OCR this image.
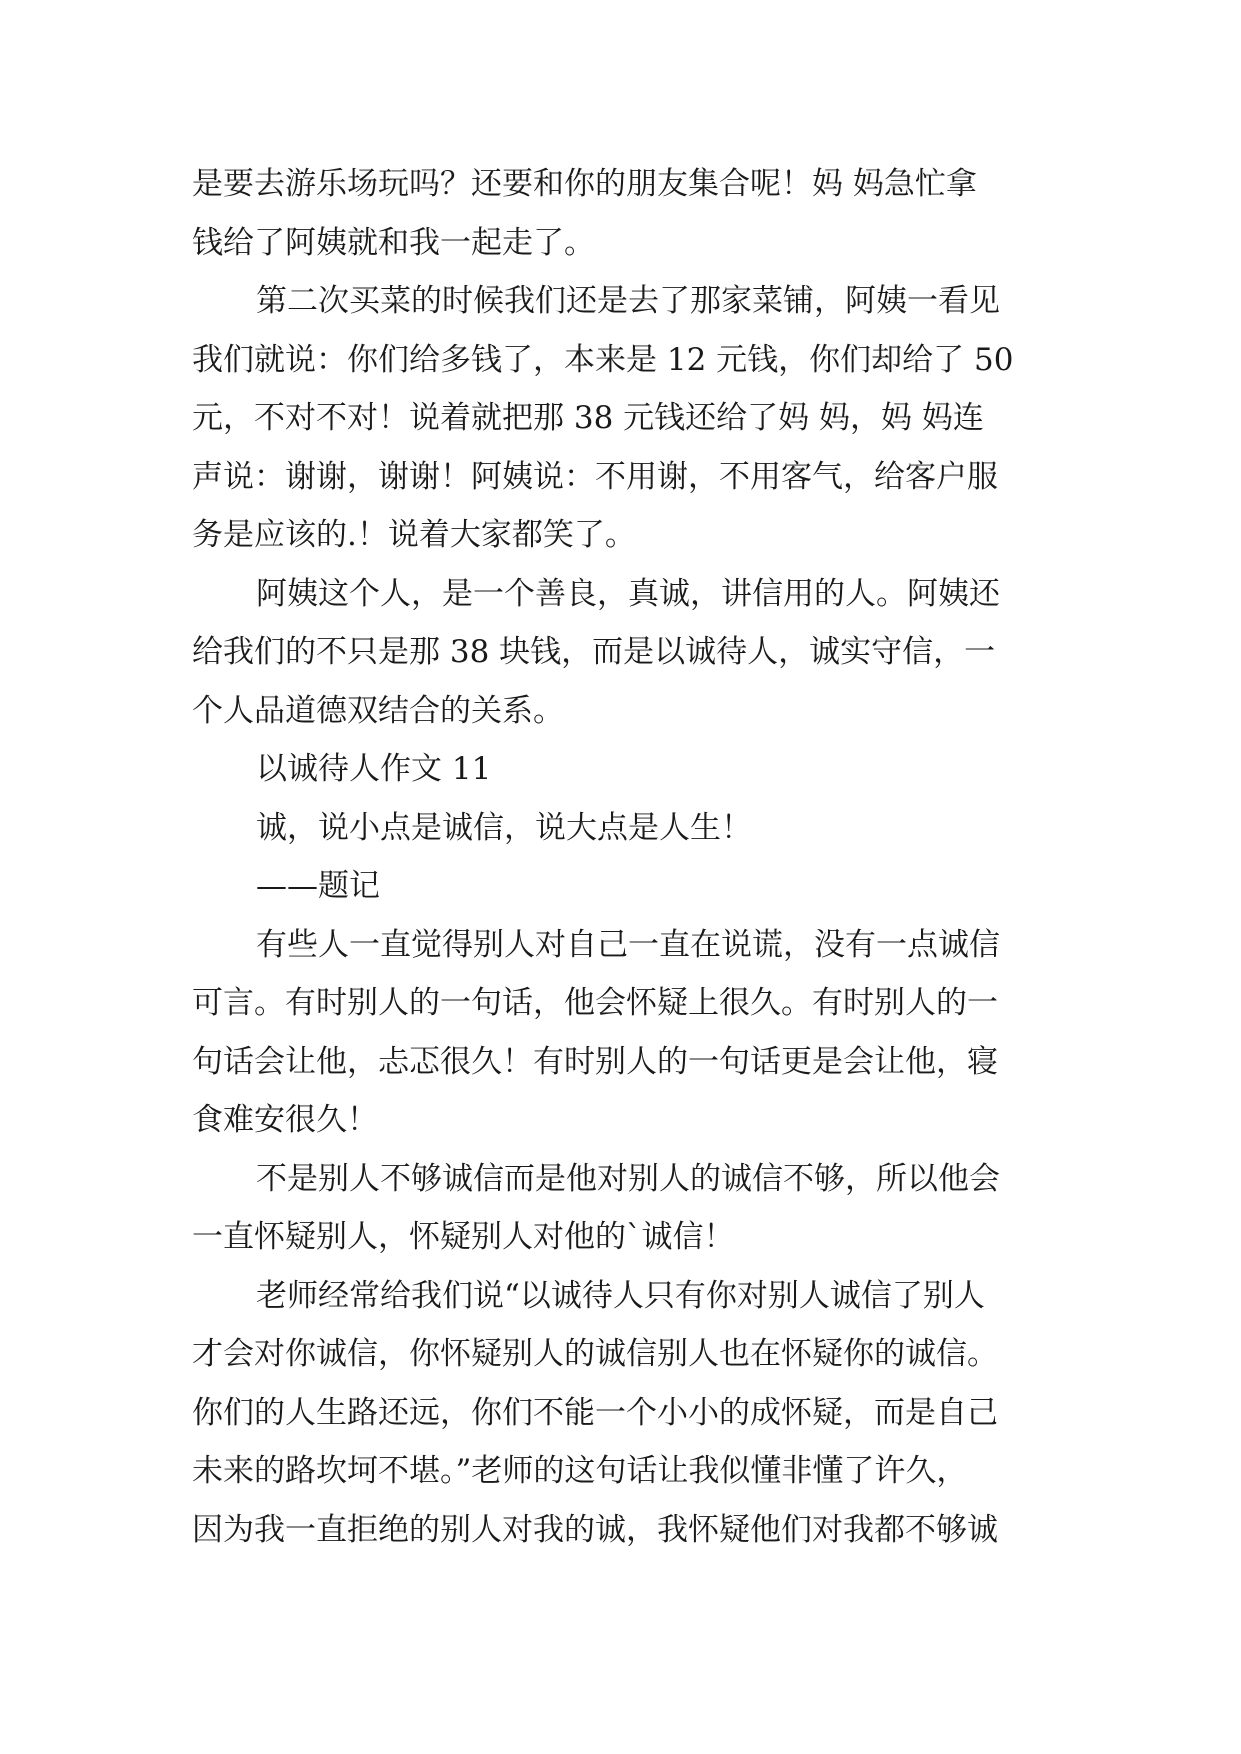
是要去游乐场玩吗？还要和你的朋友集合呢！妈 妈急忙拿
钱给了阿姨就和我一起走了。
第二次买菜的时候我们还是去了那家菜铺，阿姨一看见
我们就说：你们给多钱了，本来是 12 元钱，你们却给了 50
元，不对不对！说着就把那 38 元钱还给了妈 妈，妈 妈连
声说：谢谢，谢谢！阿姨说：不用谢，不用客气，给客户服
务是应该的.！说着大家都笑了。
阿姨这个人，是一个善良，真诚，讲信用的人。阿姨还
给我们的不只是那 38 块钱，而是以诚待人，诚实守信，一
个人品道德双结合的关系。
以诚待人作文 11
诚，说小点是诚信，说大点是人生！
——题记
有些人一直觉得别人对自己一直在说谎，没有一点诚信
可言。有时别人的一句话，他会怀疑上很久。有时别人的一
句话会让他，忐忑很久！有时别人的一句话更是会让他，寝
食难安很久！
不是别人不够诚信而是他对别人的诚信不够，所以他会
一直怀疑别人，怀疑别人对他的`诚信！
老师经常给我们说“以诚待人只有你对别人诚信了别人
才会对你诚信，你怀疑别人的诚信别人也在怀疑你的诚信。
你们的人生路还远，你们不能一个小小的成怀疑，而是自己
未来的路坎坷不堪。”老师的这句话让我似懂非懂了许久，
因为我一直拒绝的别人对我的诚，我怀疑他们对我都不够诚
